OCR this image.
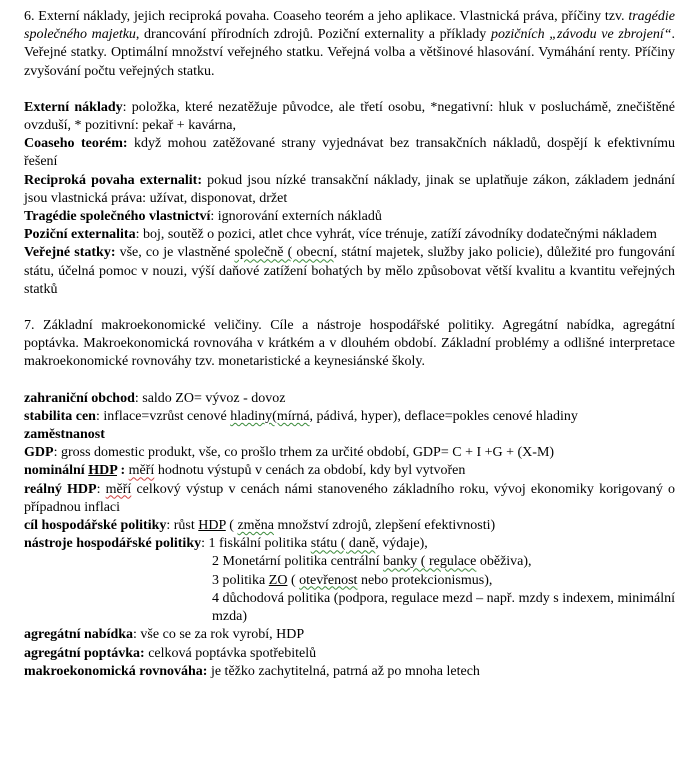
6. Externí náklady, jejich reciproká povaha. Coaseho teorém a jeho aplikace. Vlastnická práva, příčiny tzv. tragédie společného majetku, drancování přírodních zdrojů. Poziční externality a příklady pozičních „závodu ve zbrojení“. Veřejné statky. Optimální množství veřejného statku. Veřejná volba a většinové hlasování. Vymáhání renty. Příčiny zvyšování počtu veřejných statku.

Externí náklady: položka, které nezatěžuje původce, ale třetí osobu, *negativní: hluk v posluchámě, znečištěné ovzduší, * pozitivní: pekař + kavárna,

Coaseho teorém: když mohou zatěžované strany vyjednávat bez transakčních nákladů, dospějí k efektivnímu řešení

Reciproká povaha externalit: pokud jsou nízké transakční náklady, jinak se uplatňuje zákon, základem jednání jsou vlastnická práva: užívat, disponovat, držet

Tragédie společného vlastnictví: ignorování externích nákladů

Poziční externalita: boj, soutěž o pozici, atlet chce vyhrát, více trénuje, zatíží závodníky dodatečnými nákladem

Veřejné statky: vše, co je vlastněné společně ( obecní, státní majetek, služby jako policie), důležité pro fungování státu, účelná pomoc v nouzi, výší daňové zatížení bohatých by mělo způsobovat větší kvalitu a kvantitu veřejných statků

7. Základní makroekonomické veličiny. Cíle a nástroje hospodářské politiky. Agregátní nabídka, agregátní poptávka. Makroekonomická rovnováha v krátkém a v dlouhém období. Základní problémy a odlišné interpretace makroekonomické rovnováhy tzv. monetaristické a keynesiánské školy.

zahraniční obchod: saldo ZO= vývoz - dovoz

stabilita cen: inflace=vzrůst cenové hladiny(mírná, pádivá, hyper), deflace=pokles cenové hladiny

zaměstnanost

GDP: gross domestic produkt, vše, co prošlo trhem za určité období, GDP= C + I +G + (X-M)

nominální HDP : měří hodnotu výstupů v cenách za období, kdy byl vytvořen

reálný HDP: měří celkový výstup v cenách námi stanoveného základního roku, vývoj ekonomiky korigovaný o případnou inflaci

cíl hospodářské politiky: růst HDP ( změna množství zdrojů, zlepšení efektivnosti)

nástroje hospodářské politiky: 1 fiskální politika státu ( daně, výdaje),

2 Monetární politika centrální banky ( regulace oběživa),

3 politika ZO ( otevřenost nebo protekcionismus),

4 důchodová politika (podpora, regulace mezd – např. mzdy s indexem, minimální mzda)

agregátní nabídka: vše co se za rok vyrobí, HDP

agregátní poptávka: celková poptávka spotřebitelů

makroekonomická rovnováha: je těžko zachytitelná, patrná až po mnoha letech
